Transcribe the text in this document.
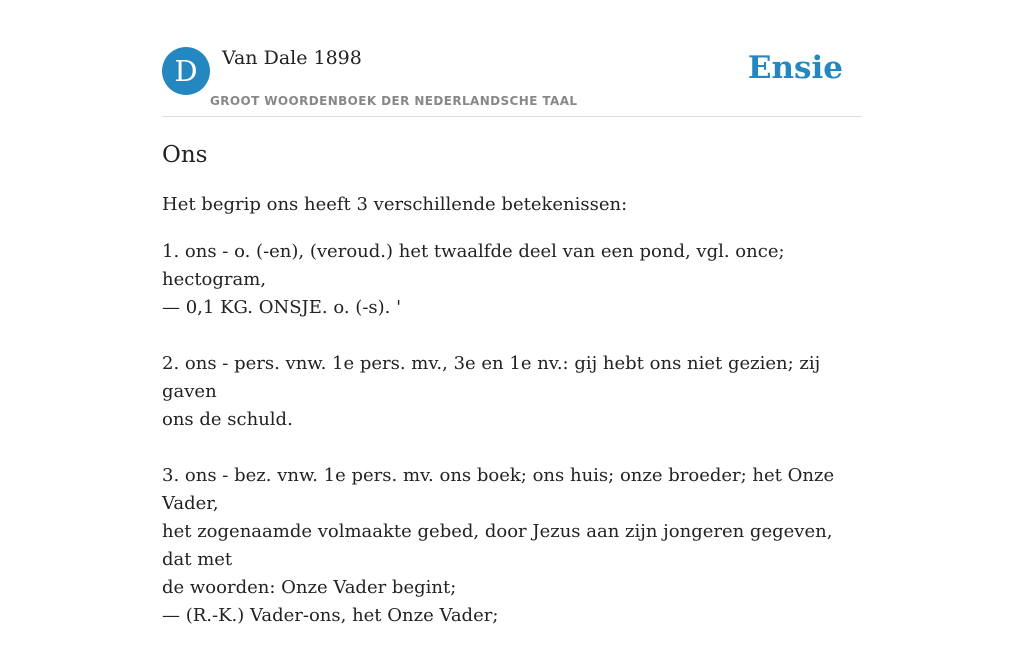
D	Van Dale 1898
GROOT WOORDENBOEK DER NEDERLANDSCHE TAAL
Ensie
Ons

Het begrip ons heeft 3 verschillende betekenissen:

1. ons - o. (-en), (veroud.) het twaalfde deel van een pond, vgl. once; hectogram,
— 0,1 KG. ONSJE. o. (-s). '

2. ons - pers. vnw. 1e pers. mv., 3e en 1e nv.: gij hebt ons niet gezien; zij gaven
ons de schuld.

3. ons - bez. vnw. 1e pers. mv. ons boek; ons huis; onze broeder; het Onze Vader,
het zogenaamde volmaakte gebed, door Jezus aan zijn jongeren gegeven, dat met
de woorden: Onze Vader begint;
— (R.-K.) Vader-ons, het Onze Vader;
